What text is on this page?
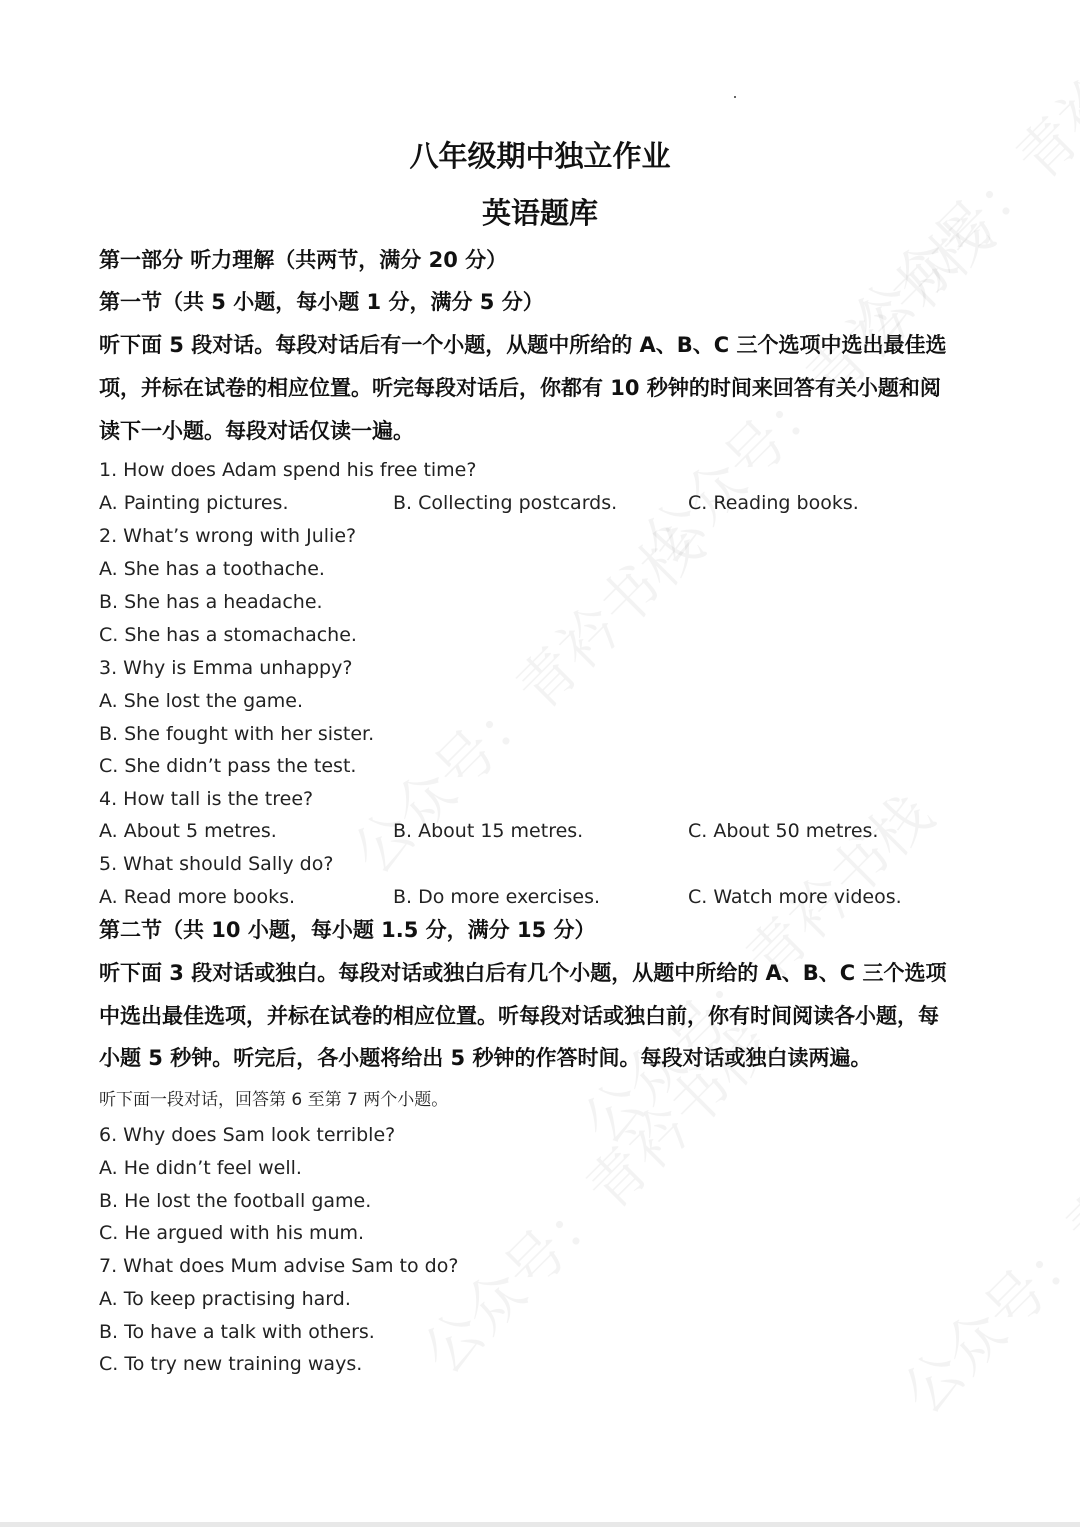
八年级期中独立作业
英语题库
第一部分 听力理解（共两节，满分 20 分）
第一节（共 5 小题，每小题 1 分，满分 5 分）
听下面 5 段对话。每段对话后有一个小题，从题中所给的 A、B、C 三个选项中选出最佳选
项，并标在试卷的相应位置。听完每段对话后，你都有 10 秒钟的时间来回答有关小题和阅
读下一小题。每段对话仅读一遍。
1. How does Adam spend his free time?
A. Painting pictures.	B. Collecting postcards.	C. Reading books.
2. What’s wrong with Julie?
A. She has a toothache.
B. She has a headache.
C. She has a stomachache.
3. Why is Emma unhappy?
A. She lost the game.
B. She fought with her sister.
C. She didn’t pass the test.
4. How tall is the tree?
A. About 5 metres.	B. About 15 metres.	C. About 50 metres.
5. What should Sally do?
A. Read more books.	B. Do more exercises.	C. Watch more videos.
第二节（共 10 小题，每小题 1.5 分，满分 15 分）
听下面 3 段对话或独白。每段对话或独白后有几个小题，从题中所给的 A、B、C 三个选项
中选出最佳选项，并标在试卷的相应位置。听每段对话或独白前，你有时间阅读各小题，每
小题 5 秒钟。听完后，各小题将给出 5 秒钟的作答时间。每段对话或独白读两遍。
听下面一段对话，回答第 6 至第 7 两个小题。
6. Why does Sam look terrible?
A. He didn’t feel well.
B. He lost the football game.
C. He argued with his mum.
7. What does Mum advise Sam to do?
A. To keep practising hard.
B. To have a talk with others.
C. To try new training ways.
